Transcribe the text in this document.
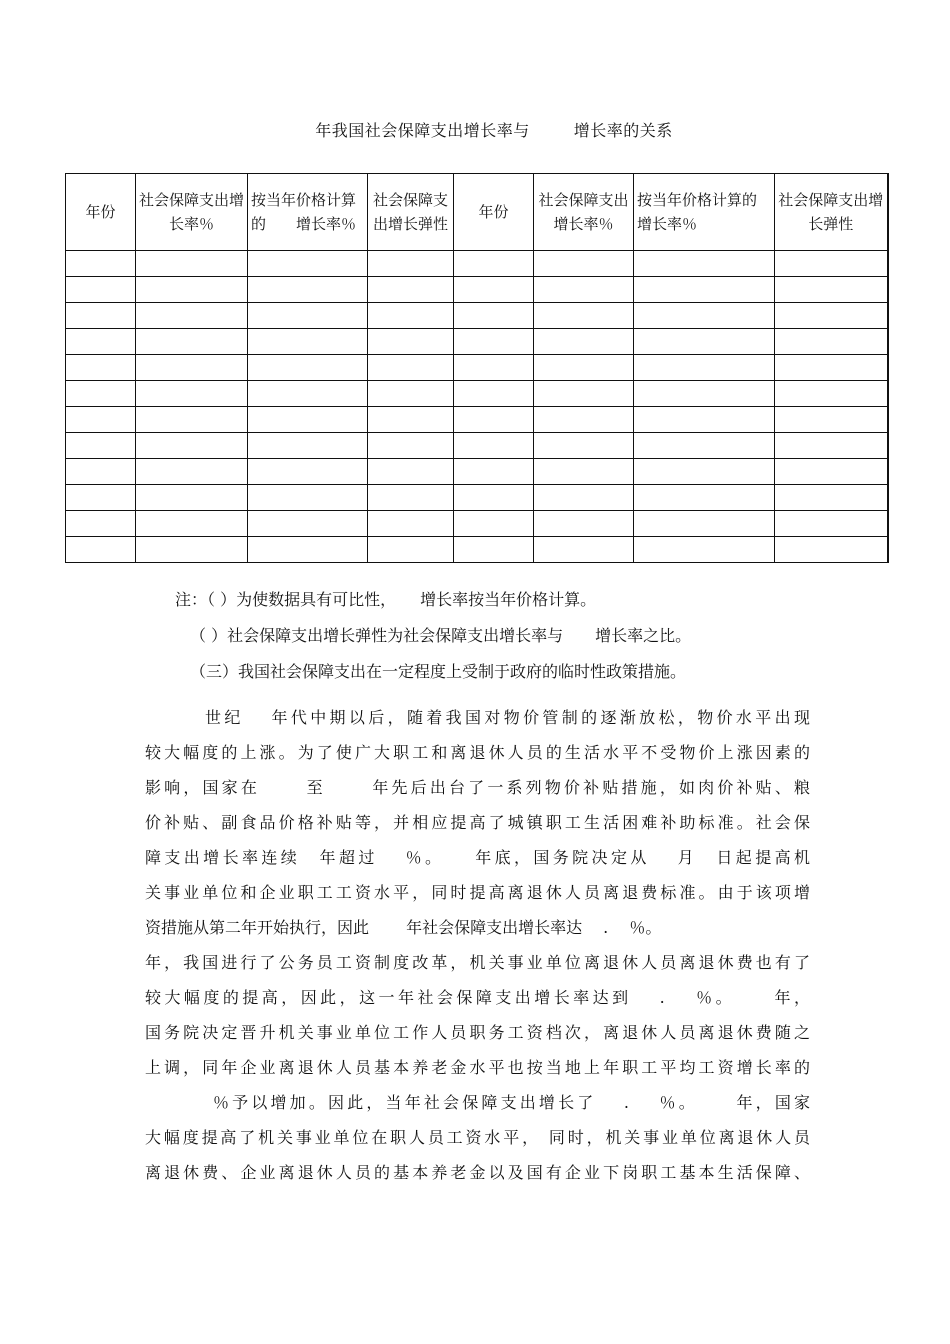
年我国社会保障支出增长率与	增长率的关系
年份	社会保障支出增长率％	按当年价格计算的　　增长率％	社会保障支出增长弹性	年份	社会保障支出增长率％	按当年价格计算的　　增长率％	社会保障支出增长弹性

注：（ ）为使数据具有可比性，　　增长率按当年价格计算。
（ ）社会保障支出增长弹性为社会保障支出增长率与　　增长率之比。
（三）我国社会保障支出在一定程度上受制于政府的临时性政策措施。
世纪　 年代中期以后，随着我国对物价管制的逐渐放松，物价水平出现
较大幅度的上涨。为了使广大职工和离退休人员的生活水平不受物价上涨因素的
影响，国家在　　 至　　 年先后出台了一系列物价补贴措施，如肉价补贴、粮
价补贴、副食品价格补贴等，并相应提高了城镇职工生活困难补助标准。社会保
障支出增长率连续　年超过　 ％。　　年底，国务院决定从　 月　日起提高机
关事业单位和企业职工工资水平，同时提高离退休人员离退费标准。由于该项增
资措施从第二年开始执行，因此　　 年社会保障支出增长率达　 .　 ％。
年，我国进行了公务员工资制度改革，机关事业单位离退休人员离退休费也有了
较大幅度的提高，因此，这一年社会保障支出增长率达到　 .　 ％。　　 年，
国务院决定晋升机关事业单位工作人员职务工资档次，离退休人员离退休费随之
上调，同年企业离退休人员基本养老金水平也按当地上年职工平均工资增长率的
％予以增加。因此，当年社会保障支出增长了　 .　 ％。　　 年，国家
大幅度提高了机关事业单位在职人员工资水平， 同时，机关事业单位离退休人员
离退休费、企业离退休人员的基本养老金以及国有企业下岗职工基本生活保障、
